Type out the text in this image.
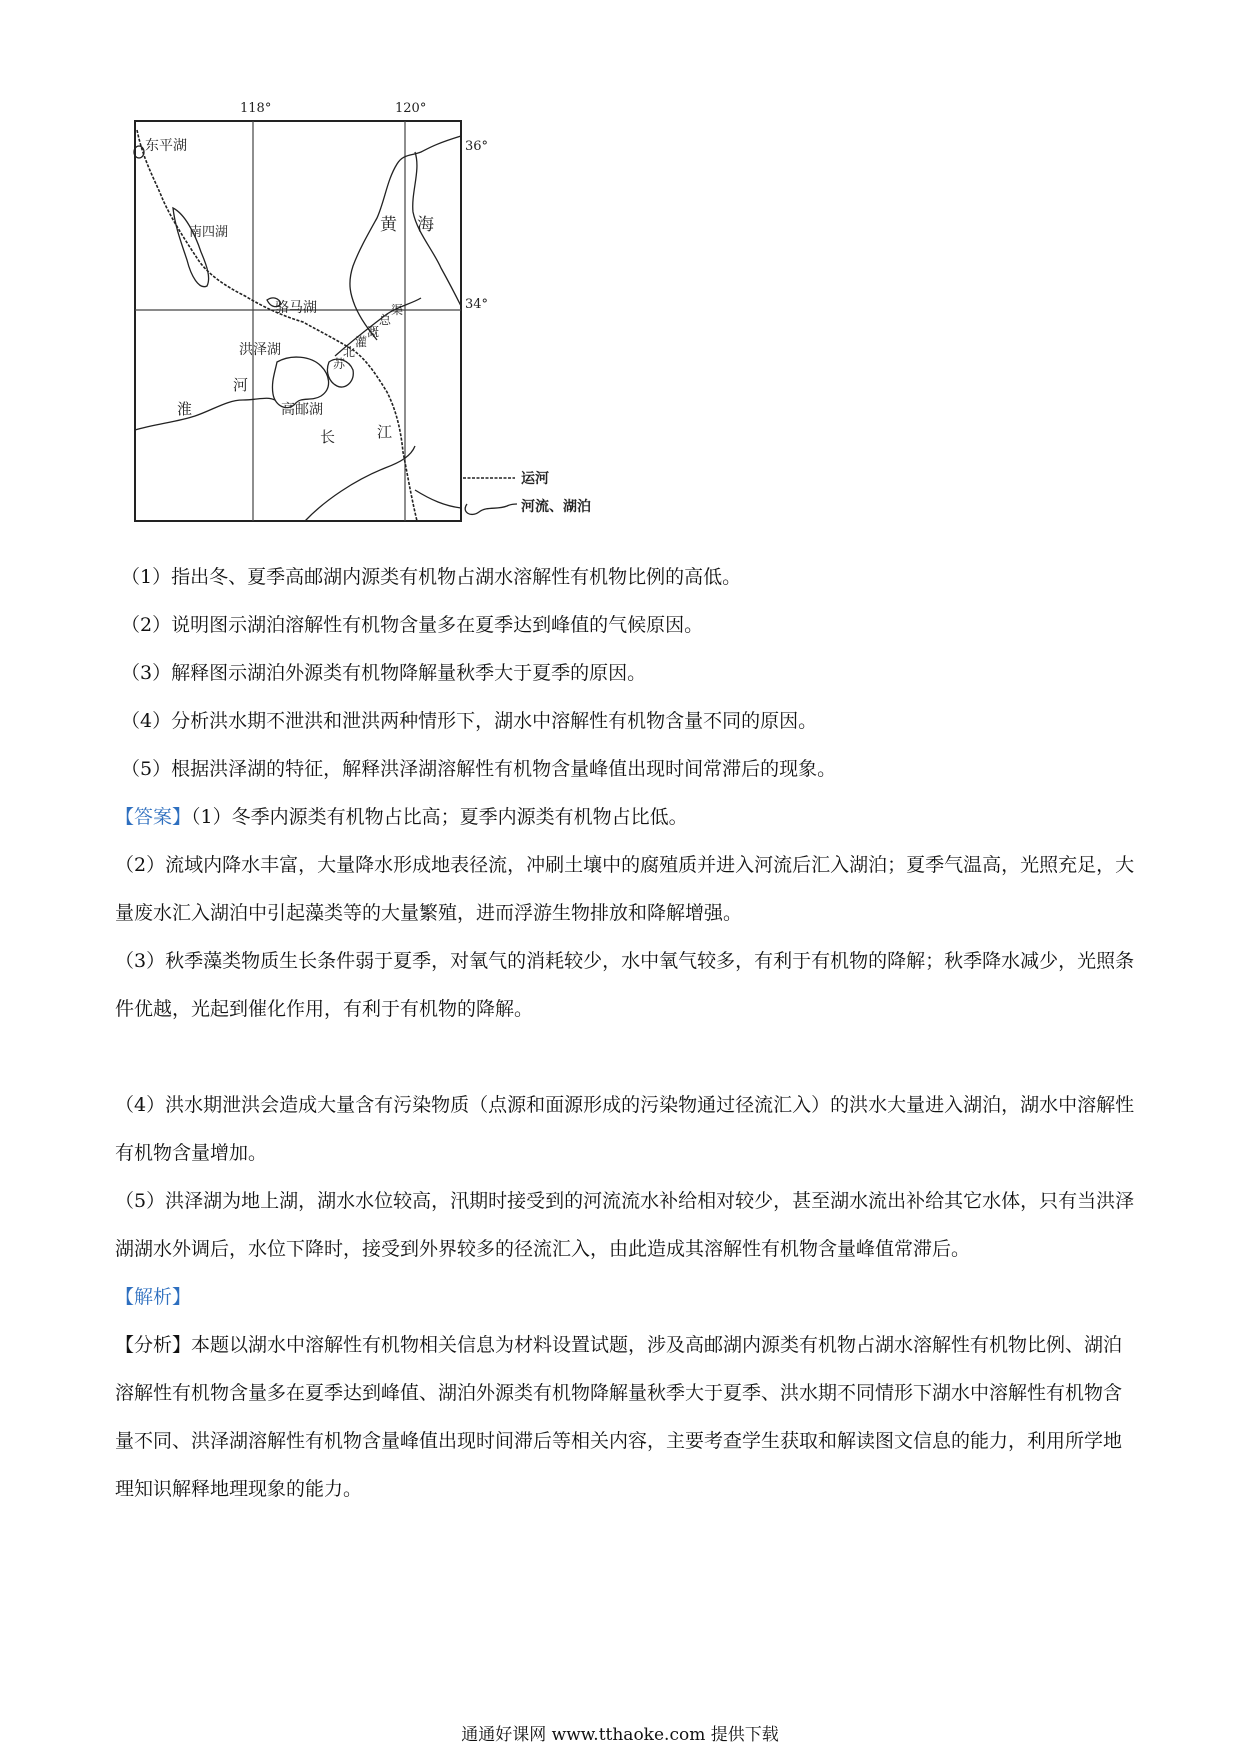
118°	120°
36°
34°
东平湖
南四湖
骆马湖
洪泽湖
高邮湖
黄 海
淮
河
长	江
苏
北
灌
溉
总
渠
运河
河流、湖泊

（1）指出冬、夏季高邮湖内源类有机物占湖水溶解性有机物比例的高低。

（2）说明图示湖泊溶解性有机物含量多在夏季达到峰值的气候原因。

（3）解释图示湖泊外源类有机物降解量秋季大于夏季的原因。

（4）分析洪水期不泄洪和泄洪两种情形下，湖水中溶解性有机物含量不同的原因。

（5）根据洪泽湖的特征，解释洪泽湖溶解性有机物含量峰值出现时间常滞后的现象。

【答案】（1）冬季内源类有机物占比高；夏季内源类有机物占比低。

（2）流域内降水丰富，大量降水形成地表径流，冲刷土壤中的腐殖质并进入河流后汇入湖泊；夏季气温高，光照充足，大量废水汇入湖泊中引起藻类等的大量繁殖，进而浮游生物排放和降解增强。

（3）秋季藻类物质生长条件弱于夏季，对氧气的消耗较少，水中氧气较多，有利于有机物的降解；秋季降水减少，光照条件优越，光起到催化作用，有利于有机物的降解。

（4）洪水期泄洪会造成大量含有污染物质（点源和面源形成的污染物通过径流汇入）的洪水大量进入湖泊，湖水中溶解性有机物含量增加。

（5）洪泽湖为地上湖，湖水水位较高，汛期时接受到的河流流水补给相对较少，甚至湖水流出补给其它水体，只有当洪泽湖湖水外调后，水位下降时，接受到外界较多的径流汇入，由此造成其溶解性有机物含量峰值常滞后。

【解析】

【分析】本题以湖水中溶解性有机物相关信息为材料设置试题，涉及高邮湖内源类有机物占湖水溶解性有机物比例、湖泊溶解性有机物含量多在夏季达到峰值、湖泊外源类有机物降解量秋季大于夏季、洪水期不同情形下湖水中溶解性有机物含量不同、洪泽湖溶解性有机物含量峰值出现时间滞后等相关内容，主要考查学生获取和解读图文信息的能力，利用所学地理知识解释地理现象的能力。

通通好课网 www.tthaoke.com 提供下载
